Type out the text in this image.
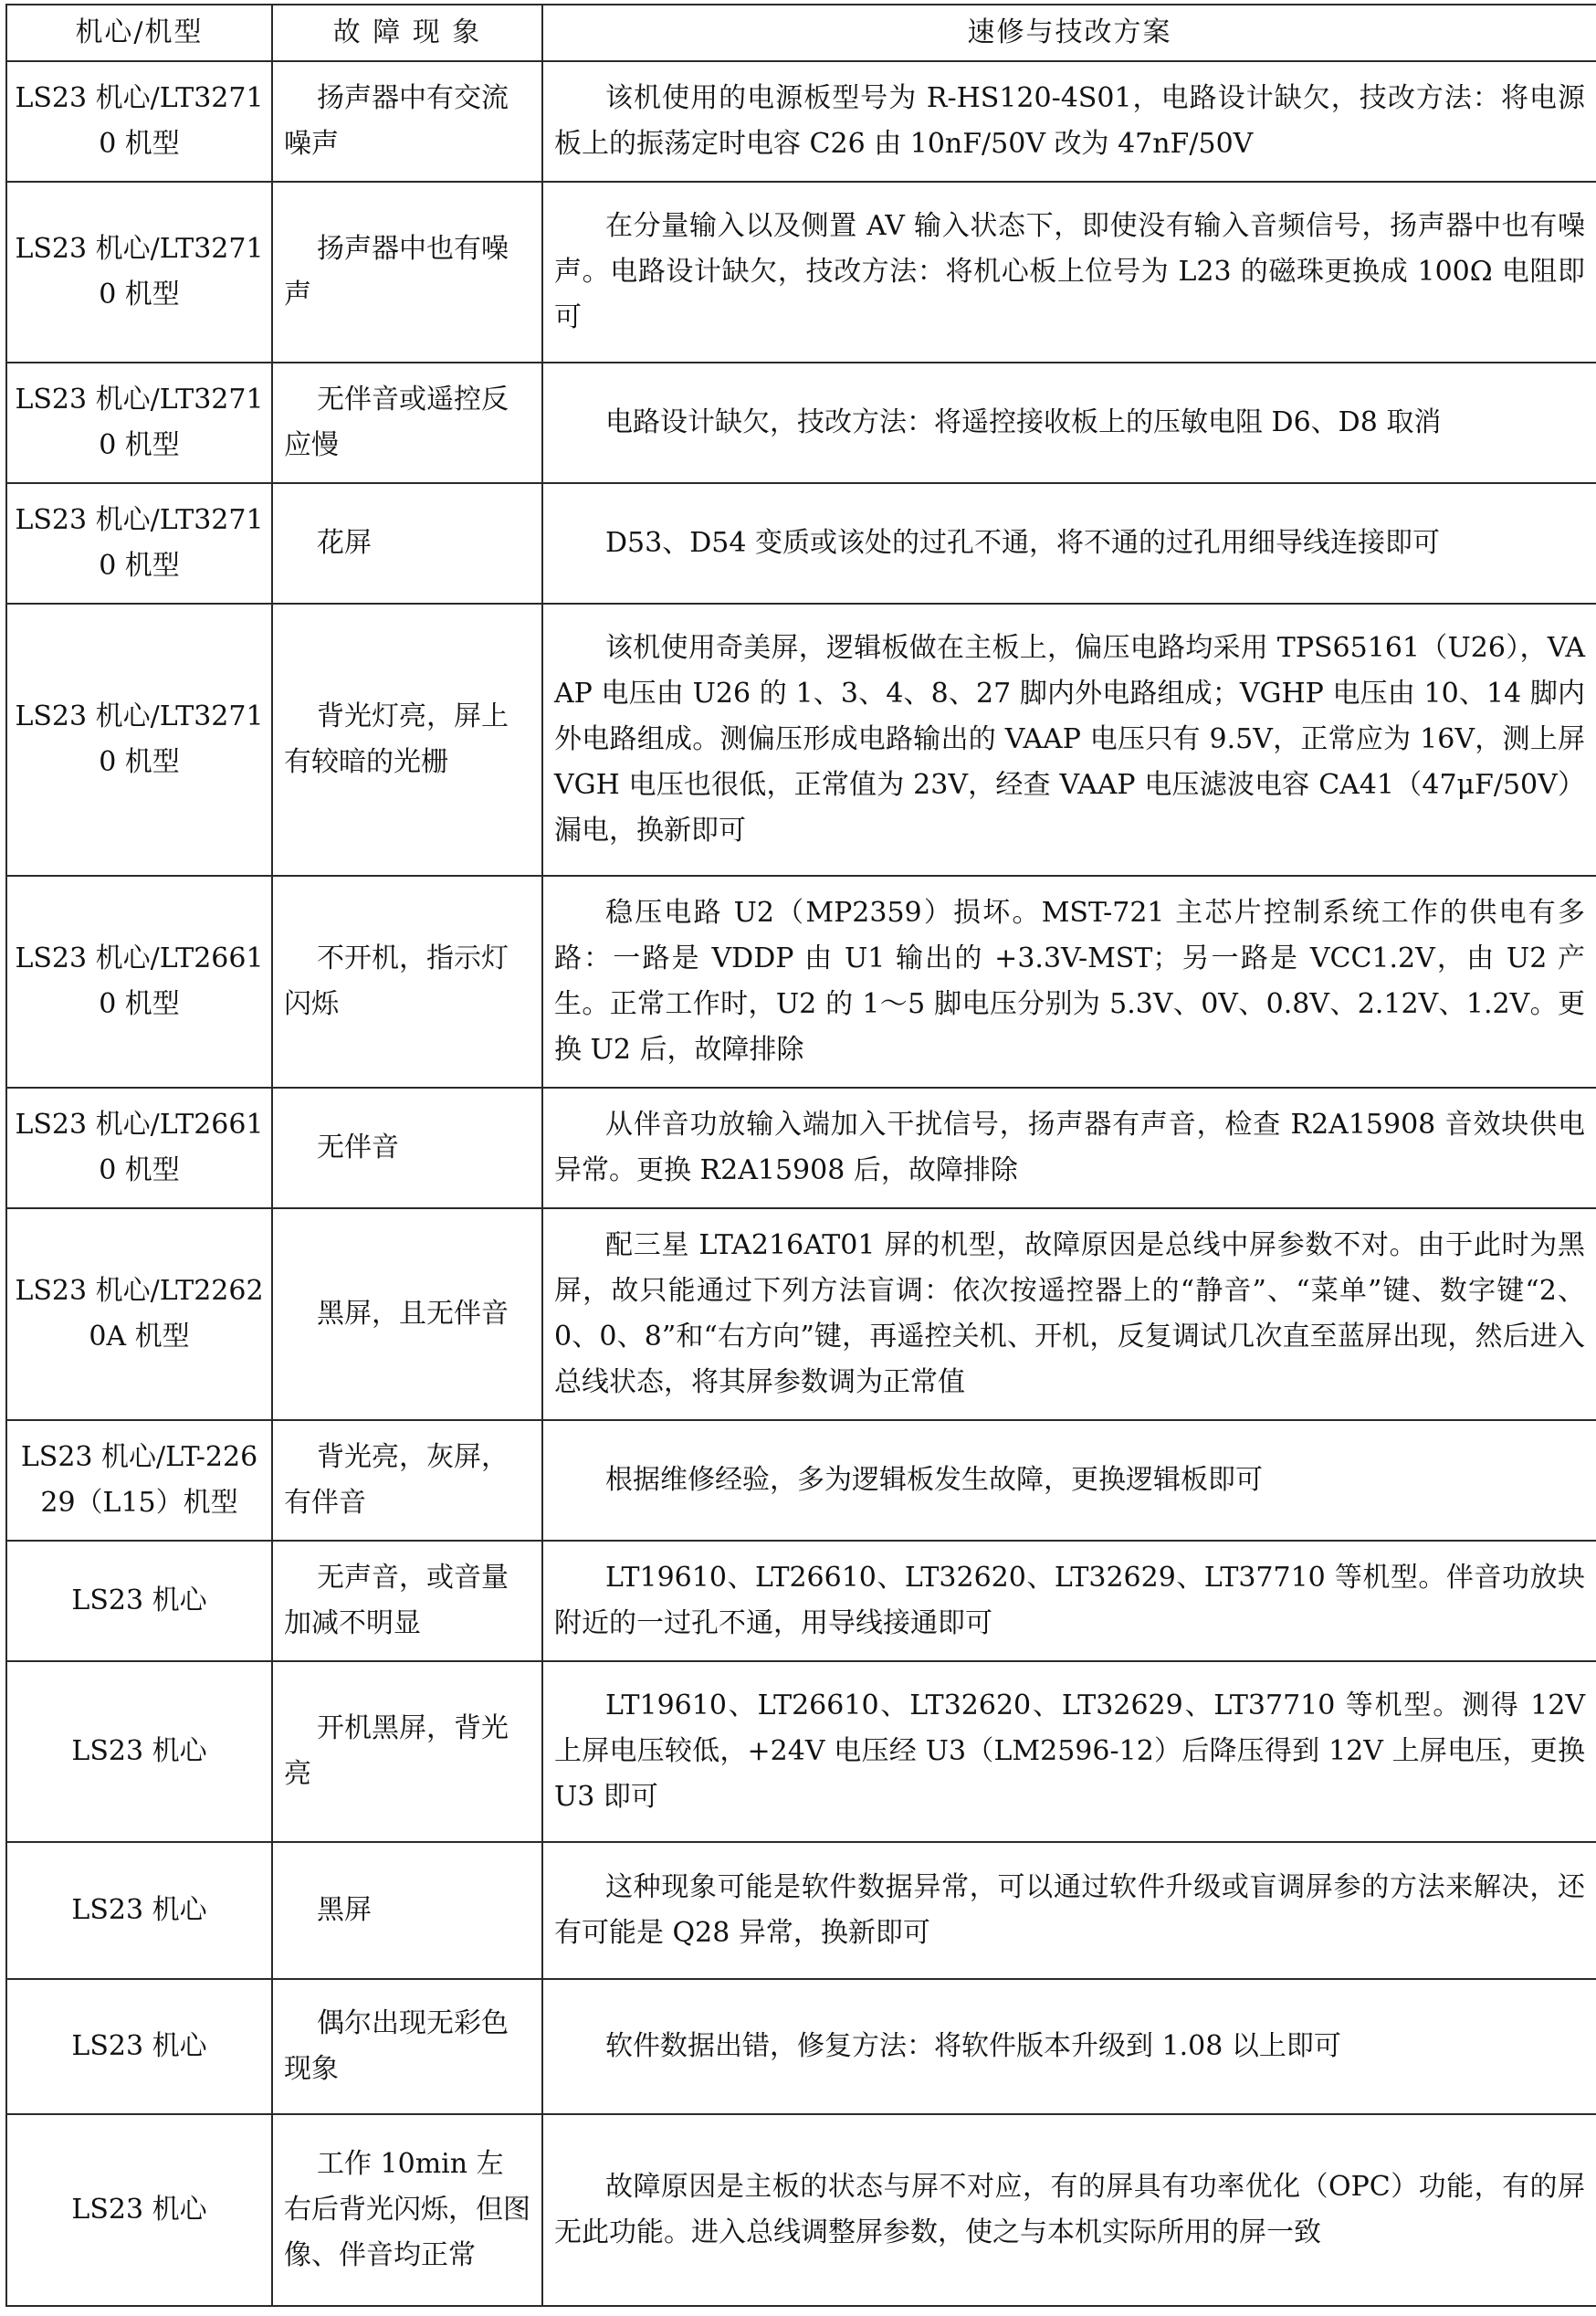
机心/机型	故 障 现 象	速修与技改方案
LS23 机心/LT32710 机型	扬声器中有交流噪声	该机使用的电源板型号为 R-HS120-4S01，电路设计缺欠，技改方法：将电源板上的振荡定时电容 C26 由 10nF/50V 改为 47nF/50V
LS23 机心/LT32710 机型	扬声器中也有噪声	在分量输入以及侧置 AV 输入状态下，即使没有输入音频信号，扬声器中也有噪声。电路设计缺欠，技改方法：将机心板上位号为 L23 的磁珠更换成 100Ω 电阻即可
LS23 机心/LT32710 机型	无伴音或遥控反应慢	电路设计缺欠，技改方法：将遥控接收板上的压敏电阻 D6、D8 取消
LS23 机心/LT32710 机型	花屏	D53、D54 变质或该处的过孔不通，将不通的过孔用细导线连接即可
LS23 机心/LT32710 机型	背光灯亮，屏上有较暗的光栅	该机使用奇美屏，逻辑板做在主板上，偏压电路均采用 TPS65161（U26），VAAP 电压由 U26 的 1、3、4、8、27 脚内外电路组成；VGHP 电压由 10、14 脚内外电路组成。测偏压形成电路输出的 VAAP 电压只有 9.5V，正常应为 16V，测上屏 VGH 电压也很低，正常值为 23V，经查 VAAP 电压滤波电容 CA41（47μF/50V）漏电，换新即可
LS23 机心/LT26610 机型	不开机，指示灯闪烁	稳压电路 U2（MP2359）损坏。MST-721 主芯片控制系统工作的供电有多路：一路是 VDDP 由 U1 输出的 +3.3V-MST；另一路是 VCC1.2V，由 U2 产生。正常工作时，U2 的 1～5 脚电压分别为 5.3V、0V、0.8V、2.12V、1.2V。更换 U2 后，故障排除
LS23 机心/LT26610 机型	无伴音	从伴音功放输入端加入干扰信号，扬声器有声音，检查 R2A15908 音效块供电异常。更换 R2A15908 后，故障排除
LS23 机心/LT22620A 机型	黑屏，且无伴音	配三星 LTA216AT01 屏的机型，故障原因是总线中屏参数不对。由于此时为黑屏，故只能通过下列方法盲调：依次按遥控器上的“静音”、“菜单”键、数字键“2、0、0、8”和“右方向”键，再遥控关机、开机，反复调试几次直至蓝屏出现，然后进入总线状态，将其屏参数调为正常值
LS23 机心/LT-22629（L15）机型	背光亮，灰屏，有伴音	根据维修经验，多为逻辑板发生故障，更换逻辑板即可
LS23 机心	无声音，或音量加减不明显	LT19610、LT26610、LT32620、LT32629、LT37710 等机型。伴音功放块附近的一过孔不通，用导线接通即可
LS23 机心	开机黑屏，背光亮	LT19610、LT26610、LT32620、LT32629、LT37710 等机型。测得 12V 上屏电压较低，+24V 电压经 U3（LM2596-12）后降压得到 12V 上屏电压，更换 U3 即可
LS23 机心	黑屏	这种现象可能是软件数据异常，可以通过软件升级或盲调屏参的方法来解决，还有可能是 Q28 异常，换新即可
LS23 机心	偶尔出现无彩色现象	软件数据出错，修复方法：将软件版本升级到 1.08 以上即可
LS23 机心	工作 10min 左右后背光闪烁，但图像、伴音均正常	故障原因是主板的状态与屏不对应，有的屏具有功率优化（OPC）功能，有的屏无此功能。进入总线调整屏参数，使之与本机实际所用的屏一致
